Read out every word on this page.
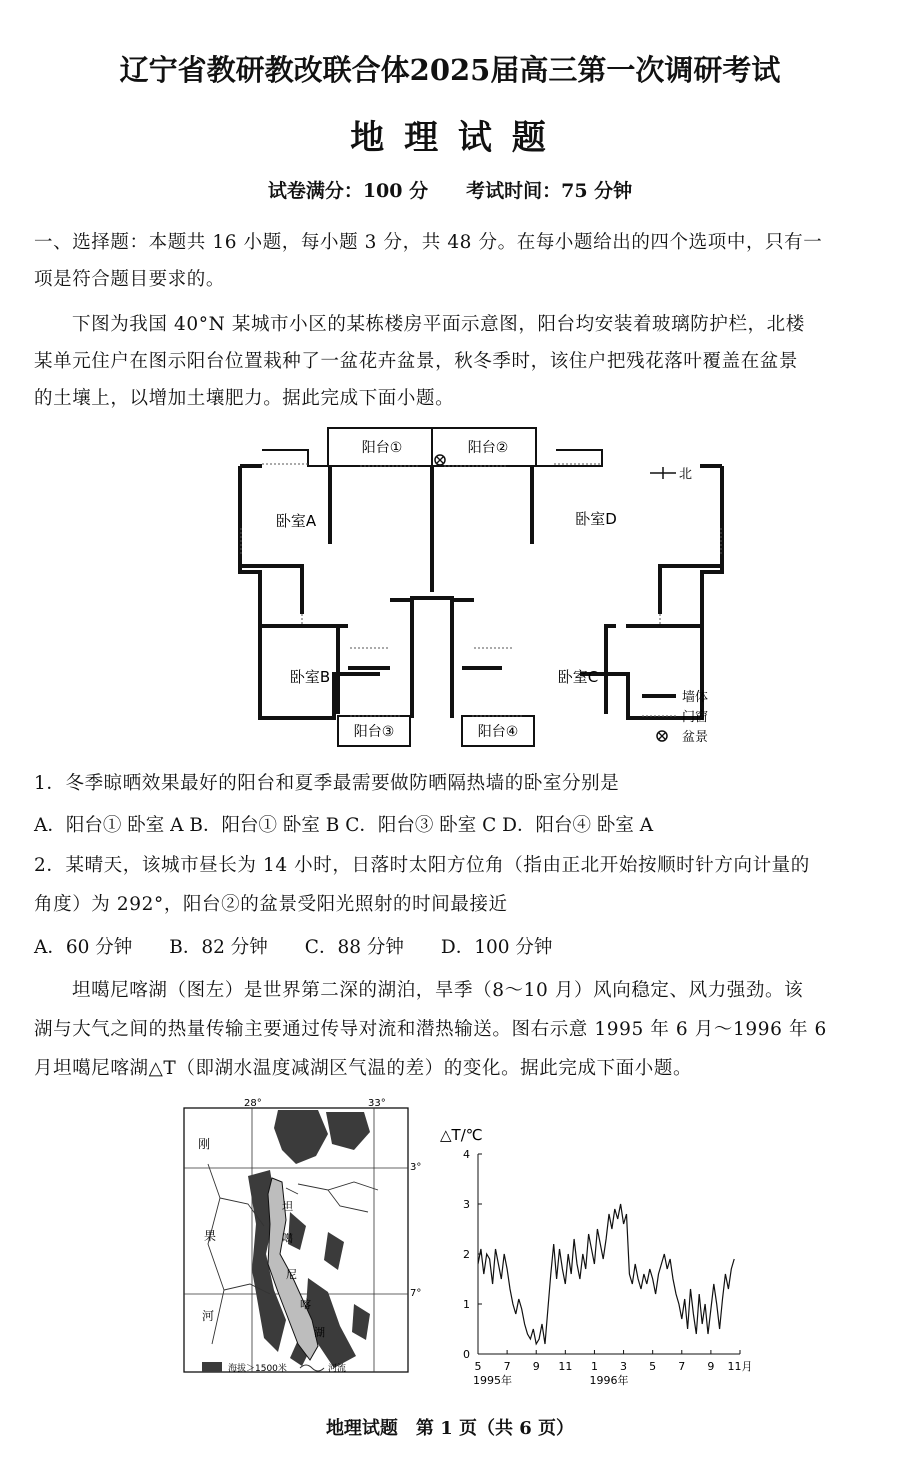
辽宁省教研教改联合体2025届高三第一次调研考试
地 理 试 题
试卷满分：100 分　　考试时间：75 分钟
一、选择题：本题共 16 小题，每小题 3 分，共 48 分。在每小题给出的四个选项中，只有一
项是符合题目要求的。
下图为我国 40°N 某城市小区的某栋楼房平面示意图，阳台均安装着玻璃防护栏，北楼
某单元住户在图示阳台位置栽种了一盆花卉盆景，秋冬季时，该住户把残花落叶覆盖在盆景
的土壤上，以增加土壤肥力。据此完成下面小题。
阳台①	阳台②
阳台③	阳台④
卧室A
卧室B	卧室C
卧室D
北
墙体
门窗
盆景
1．冬季晾晒效果最好的阳台和夏季最需要做防晒隔热墙的卧室分别是
A．阳台① 卧室 A B．阳台① 卧室 B C．阳台③ 卧室 C D．阳台④ 卧室 A
2．某晴天，该城市昼长为 14 小时，日落时太阳方位角（指由正北开始按顺时针方向计量的
角度）为 292°，阳台②的盆景受阳光照射的时间最接近
A．60 分钟　　B．82 分钟　　C．88 分钟　　D．100 分钟
坦噶尼喀湖（图左）是世界第二深的湖泊，旱季（8～10 月）风向稳定、风力强劲。该
湖与大气之间的热量传输主要通过传导对流和潜热输送。图右示意 1995 年 6 月～1996 年 6
月坦噶尼喀湖△T（即湖水温度减湖区气温的差）的变化。据此完成下面小题。
28°	33°
3°
7°
刚
果
河
坦
噶
尼
喀
湖
海拔＞1500米	河流
△T/℃
0
1
2
3
4
5 7 9 11 1 3 5 7 9 11月
1995年	1996年
地理试题　第 1 页（共 6 页）
